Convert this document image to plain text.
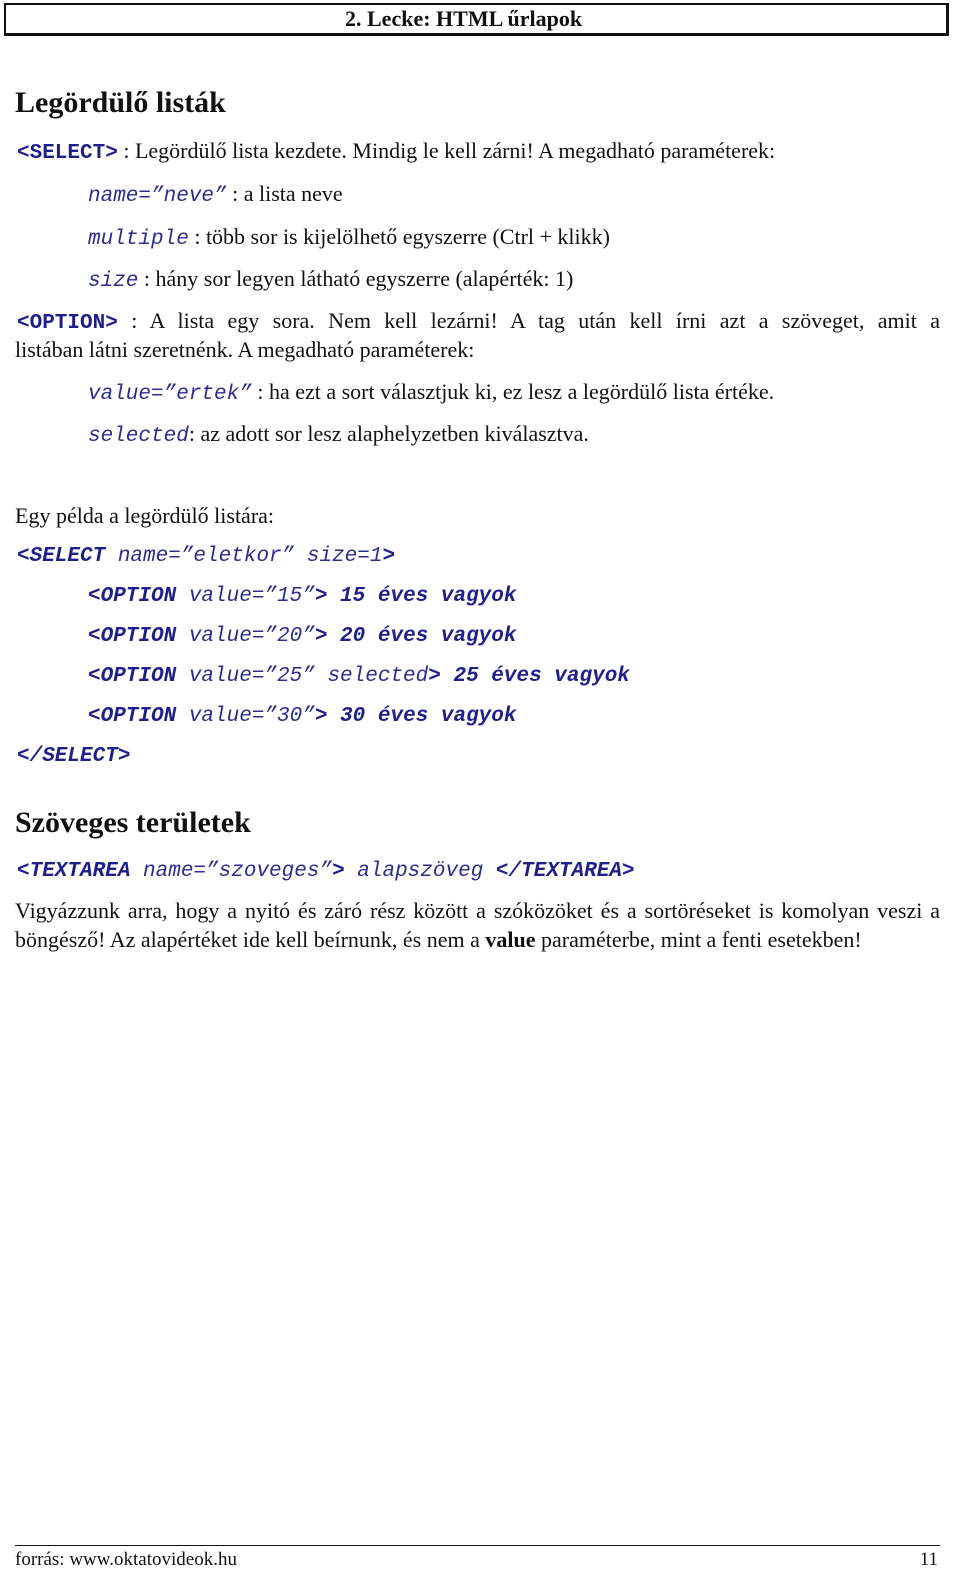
2. Lecke: HTML űrlapok
Legördülő listák
<SELECT> : Legördülő lista kezdete. Mindig le kell zárni! A megadható paraméterek:
name=”neve” : a lista neve
multiple : több sor is kijelölhető egyszerre (Ctrl + klikk)
size : hány sor legyen látható egyszerre (alapérték: 1)
<OPTION> : A lista egy sora. Nem kell lezárni! A tag után kell írni azt a szöveget, amit a
listában látni szeretnénk. A megadható paraméterek:
value=”ertek” : ha ezt a sort választjuk ki, ez lesz a legördülő lista értéke.
selected: az adott sor lesz alaphelyzetben kiválasztva.
Egy példa a legördülő listára:
<SELECT name=”eletkor” size=1>
<OPTION value=”15”> 15 éves vagyok
<OPTION value=”20”> 20 éves vagyok
<OPTION value=”25” selected> 25 éves vagyok
<OPTION value=”30”> 30 éves vagyok
</SELECT>
Szöveges területek
<TEXTAREA name=”szoveges”> alapszöveg </TEXTAREA>
Vigyázzunk arra, hogy a nyitó és záró rész között a szóközöket és a sortöréseket is komolyan veszi a böngésző! Az alapértéket ide kell beírnunk, és nem a value paraméterbe, mint a fenti esetekben!
forrás: www.oktatovideok.hu	11
